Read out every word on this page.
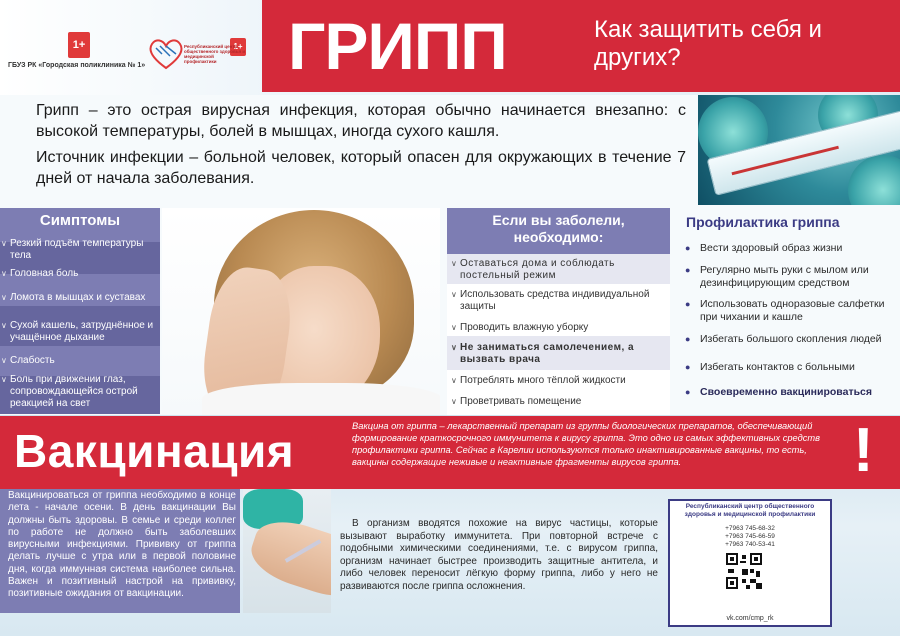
1+
ГБУЗ РК «Городская поликлиника № 1»
1+
Республиканский центр общественного здоровья и медицинской профилактики	ГРИПП	Как защитить себя и других?
Грипп – это острая вирусная инфекция, которая обычно начинается внезапно: с высокой температуры, болей в мышцах, иногда сухого кашля.
Источник инфекции – больной человек, который опасен для окружающих в течение 7 дней от начала заболевания.
Симптомы
∨ Резкий подъём температуры тела
∨ Головная боль
∨ Ломота в мышцах и суставах
∨ Сухой кашель, затруднённое и учащённое дыхание
∨ Слабость
∨ Боль при движении глаз, сопровождающейся острой реакцией на свет
Если вы заболели, необходимо:
∨ Оставаться дома и соблюдать постельный режим
∨ Использовать средства индивидуальной защиты
∨ Проводить влажную уборку
∨ Не заниматься самолечением, а вызвать врача
∨ Потреблять много тёплой жидкости
∨ Проветривать помещение
Профилактика гриппа
● Вести здоровый образ жизни
● Регулярно мыть руки с мылом или дезинфицирующим средством
● Использовать одноразовые салфетки при чихании и кашле
● Избегать большого скопления людей
● Избегать контактов с больными
● Своевременно вакцинироваться
Вакцинация	Вакцина от гриппа – лекарственный препарат из группы биологических препаратов, обеспечивающий формирование краткосрочного иммунитета к вирусу гриппа. Это одно из самых эффективных средств профилактики гриппа. Сейчас в Карелии используются только инактивированные вакцины, то есть, вакцины содержащие неживые и неактивные фрагменты вирусов гриппа.	!
Вакцинироваться от гриппа необходимо в конце лета - начале осени. В день вакцинации Вы должны быть здоровы. В семье и среди коллег по работе не должно быть заболевших вирусными инфекциями. Прививку от гриппа делать лучше с утра или в первой половине дня, когда иммунная система наиболее сильна. Важен и позитивный настрой на прививку, позитивные ожидания от вакцинации.
В организм вводятся похожие на вирус частицы, которые вызывают выработку иммунитета. При повторной встрече с подобными химическими соединениями, т.е. с вирусом гриппа, организм начинает быстрее производить защитные антитела, и либо человек переносит лёгкую форму гриппа, либо у него не развиваются после гриппа осложнения.
Республиканский центр общественного здоровья и медицинской профилактики
+7963 745-68-32
+7963 745-66-59
+7963 740-53-41
vk.com/cmp_rk
